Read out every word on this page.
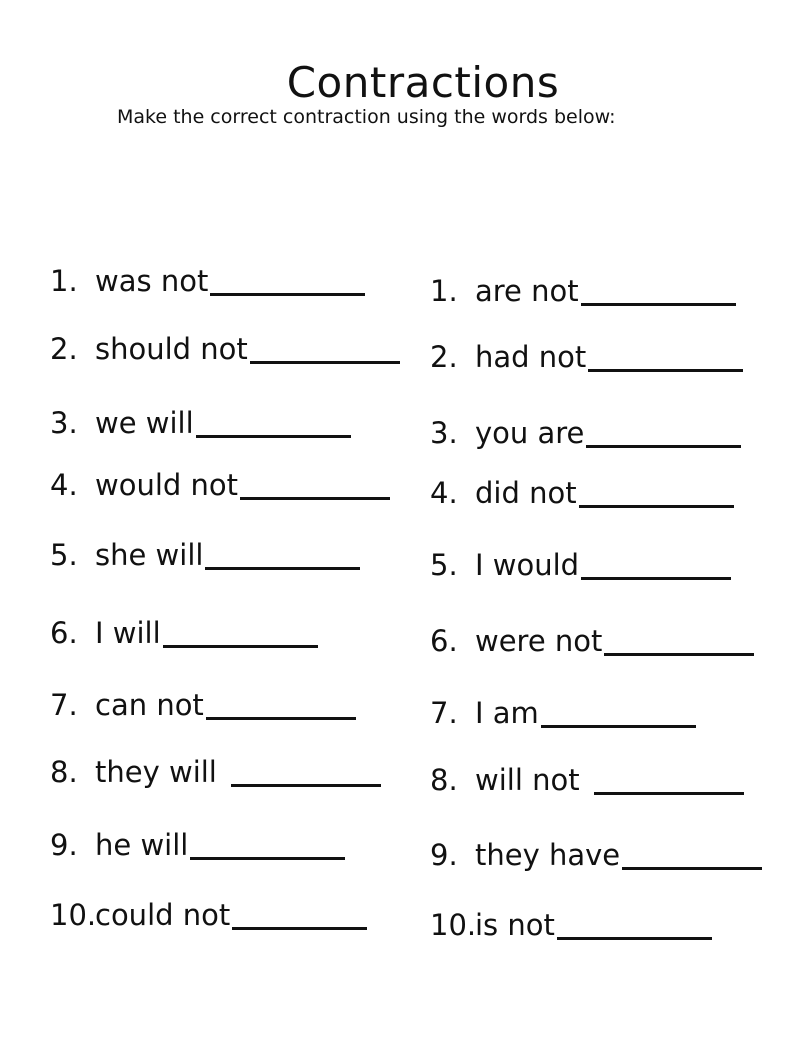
Contractions
Make the correct contraction using the words below:
1. was not
2. should not
3. we will
4. would not
5. she will
6. I will
7. can not
8. they will
9. he will
10.
could not
1. are not
2. had not
3. you are
4. did not
5. I would
6. were not
7. I am
8. will not
9. they have
10.
is not
